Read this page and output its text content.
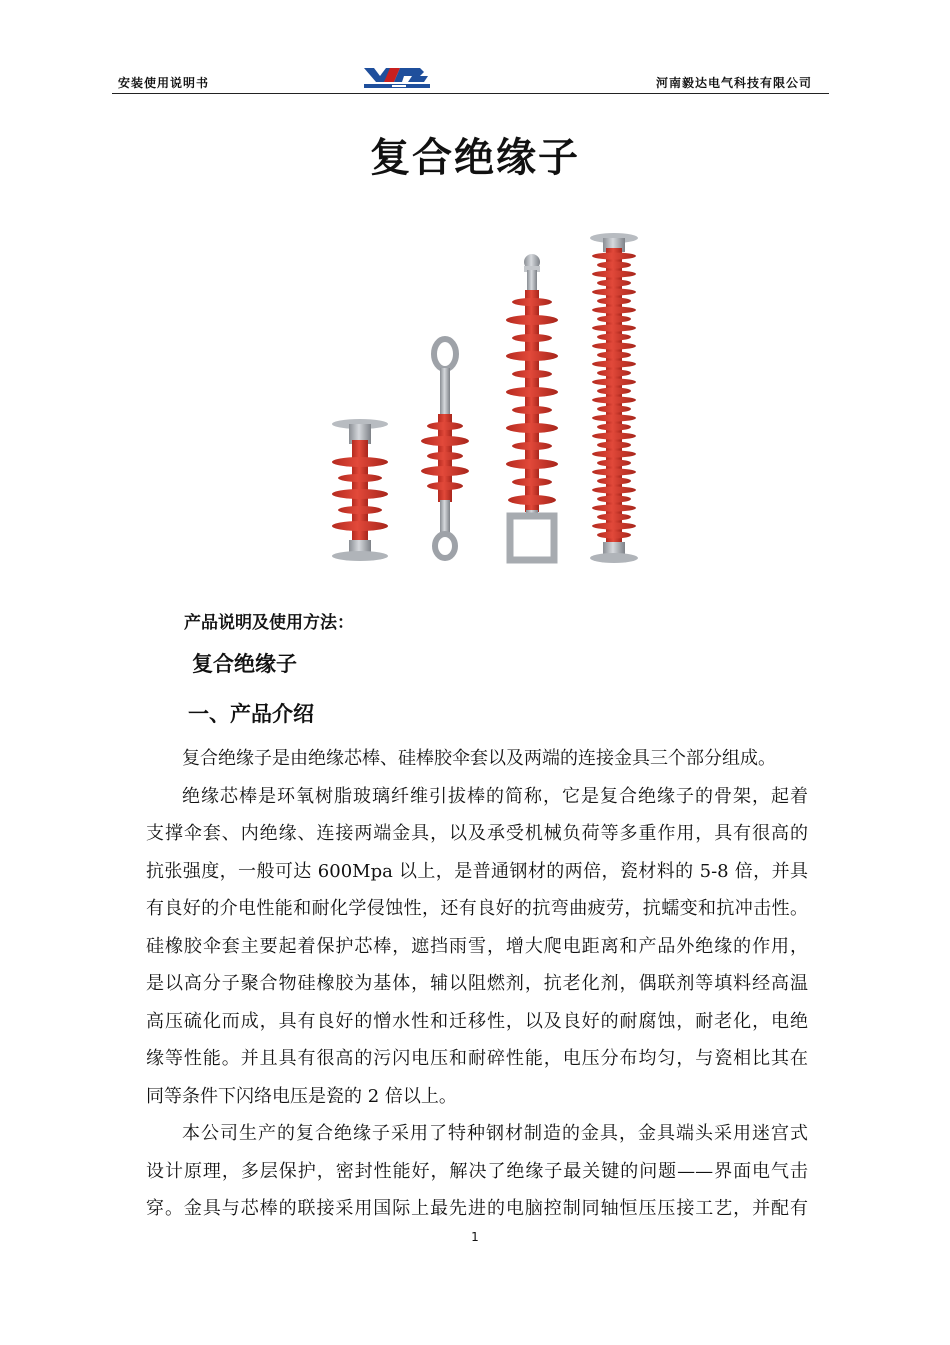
安装使用说明书	河南毅达电气科技有限公司
复合绝缘子
产品说明及使用方法：
复合绝缘子
一、产品介绍

复合绝缘子是由绝缘芯棒、硅棒胶伞套以及两端的连接金具三个部分组成。

绝缘芯棒是环氧树脂玻璃纤维引拔棒的简称，它是复合绝缘子的骨架，起着
支撑伞套、内绝缘、连接两端金具，以及承受机械负荷等多重作用，具有很高的
抗张强度，一般可达 600Mpa 以上，是普通钢材的两倍，瓷材料的 5-8 倍，并具
有良好的介电性能和耐化学侵蚀性，还有良好的抗弯曲疲劳，抗蠕变和抗冲击性。
硅橡胶伞套主要起着保护芯棒，遮挡雨雪，增大爬电距离和产品外绝缘的作用，
是以高分子聚合物硅橡胶为基体，辅以阻燃剂，抗老化剂，偶联剂等填料经高温
高压硫化而成，具有良好的憎水性和迁移性，以及良好的耐腐蚀，耐老化，电绝
缘等性能。并且具有很高的污闪电压和耐碎性能，电压分布均匀，与瓷相比其在
同等条件下闪络电压是瓷的 2 倍以上。

本公司生产的复合绝缘子采用了特种钢材制造的金具，金具端头采用迷宫式
设计原理，多层保护，密封性能好，解决了绝缘子最关键的问题——界面电气击
穿。金具与芯棒的联接采用国际上最先进的电脑控制同轴恒压压接工艺，并配有

1
